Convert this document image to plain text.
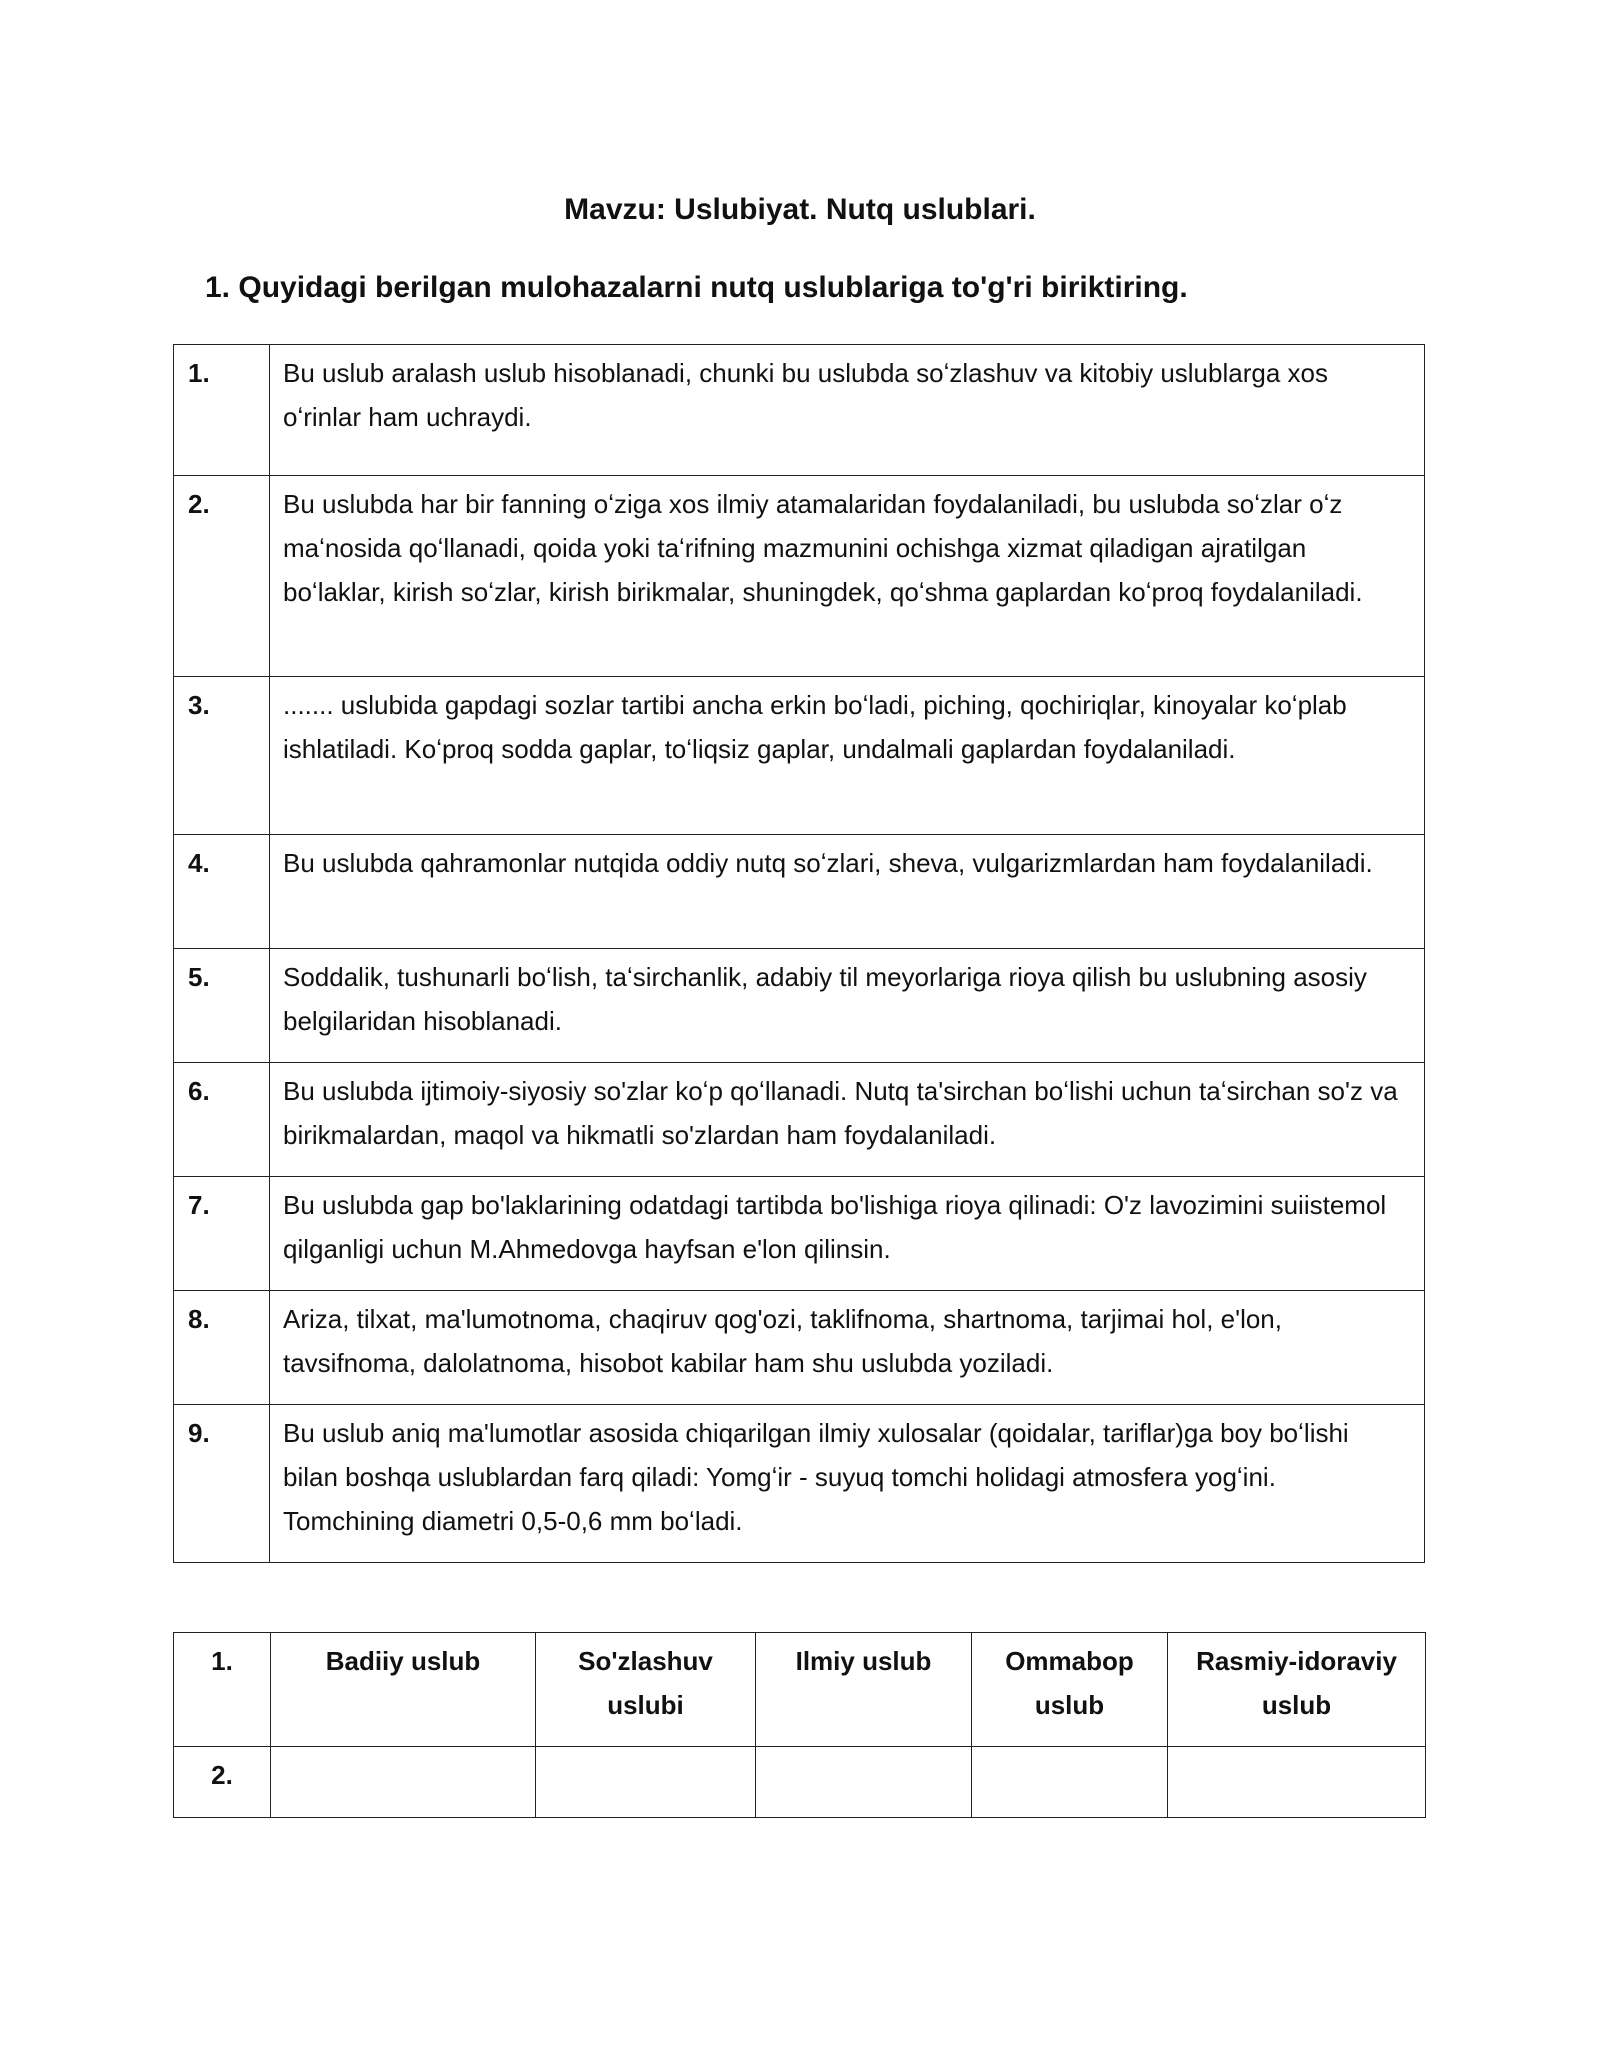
Mavzu: Uslubiyat. Nutq uslublari.
1. Quyidagi berilgan mulohazalarni nutq uslublariga to'g'ri biriktiring.
1.	Bu uslub aralash uslub hisoblanadi, chunki bu uslubda soʻzlashuv va kitobiy uslublarga xos oʻrinlar ham uchraydi.
2.	Bu uslubda har bir fanning oʻziga xos ilmiy atamalaridan foydalaniladi, bu uslubda soʻzlar oʻz maʻnosida qoʻllanadi, qoida yoki taʻrifning mazmunini ochishga xizmat qiladigan ajratilgan boʻlaklar, kirish soʻzlar, kirish birikmalar, shuningdek, qoʻshma gaplardan koʻproq foydalaniladi.
3.	....... uslubida gapdagi sozlar tartibi ancha erkin boʻladi, piching, qochiriqlar, kinoyalar koʻplab ishlatiladi. Koʻproq sodda gaplar, toʻliqsiz gaplar, undalmali gaplardan foydalaniladi.
4.	Bu uslubda qahramonlar nutqida oddiy nutq soʻzlari, sheva, vulgarizmlardan ham foydalaniladi.
5.	Soddalik, tushunarli boʻlish, taʻsirchanlik, adabiy til meyorlariga rioya qilish bu uslubning asosiy belgilaridan hisoblanadi.
6.	Bu uslubda ijtimoiy-siyosiy so'zlar koʻp qoʻllanadi. Nutq ta'sirchan boʻlishi uchun taʻsirchan so'z va birikmalardan, maqol va hikmatli so'zlardan ham foydalaniladi.
7.	Bu uslubda gap bo'laklarining odatdagi tartibda bo'lishiga rioya qilinadi: O'z lavozimini suiistemol qilganligi uchun M.Ahmedovga hayfsan e'lon qilinsin.
8.	Ariza, tilxat, ma'lumotnoma, chaqiruv qog'ozi, taklifnoma, shartnoma, tarjimai hol, e'lon, tavsifnoma, dalolatnoma, hisobot kabilar ham shu uslubda yoziladi.
9.	Bu uslub aniq ma'lumotlar asosida chiqarilgan ilmiy xulosalar (qoidalar, tariflar)ga boy boʻlishi bilan boshqa uslublardan farq qiladi: Yomgʻir - suyuq tomchi holidagi atmosfera yogʻini. Tomchining diametri 0,5-0,6 mm boʻladi.
1.	Badiiy uslub	So'zlashuv uslubi	Ilmiy uslub	Ommabop uslub	Rasmiy-idoraviy uslub
2.					
